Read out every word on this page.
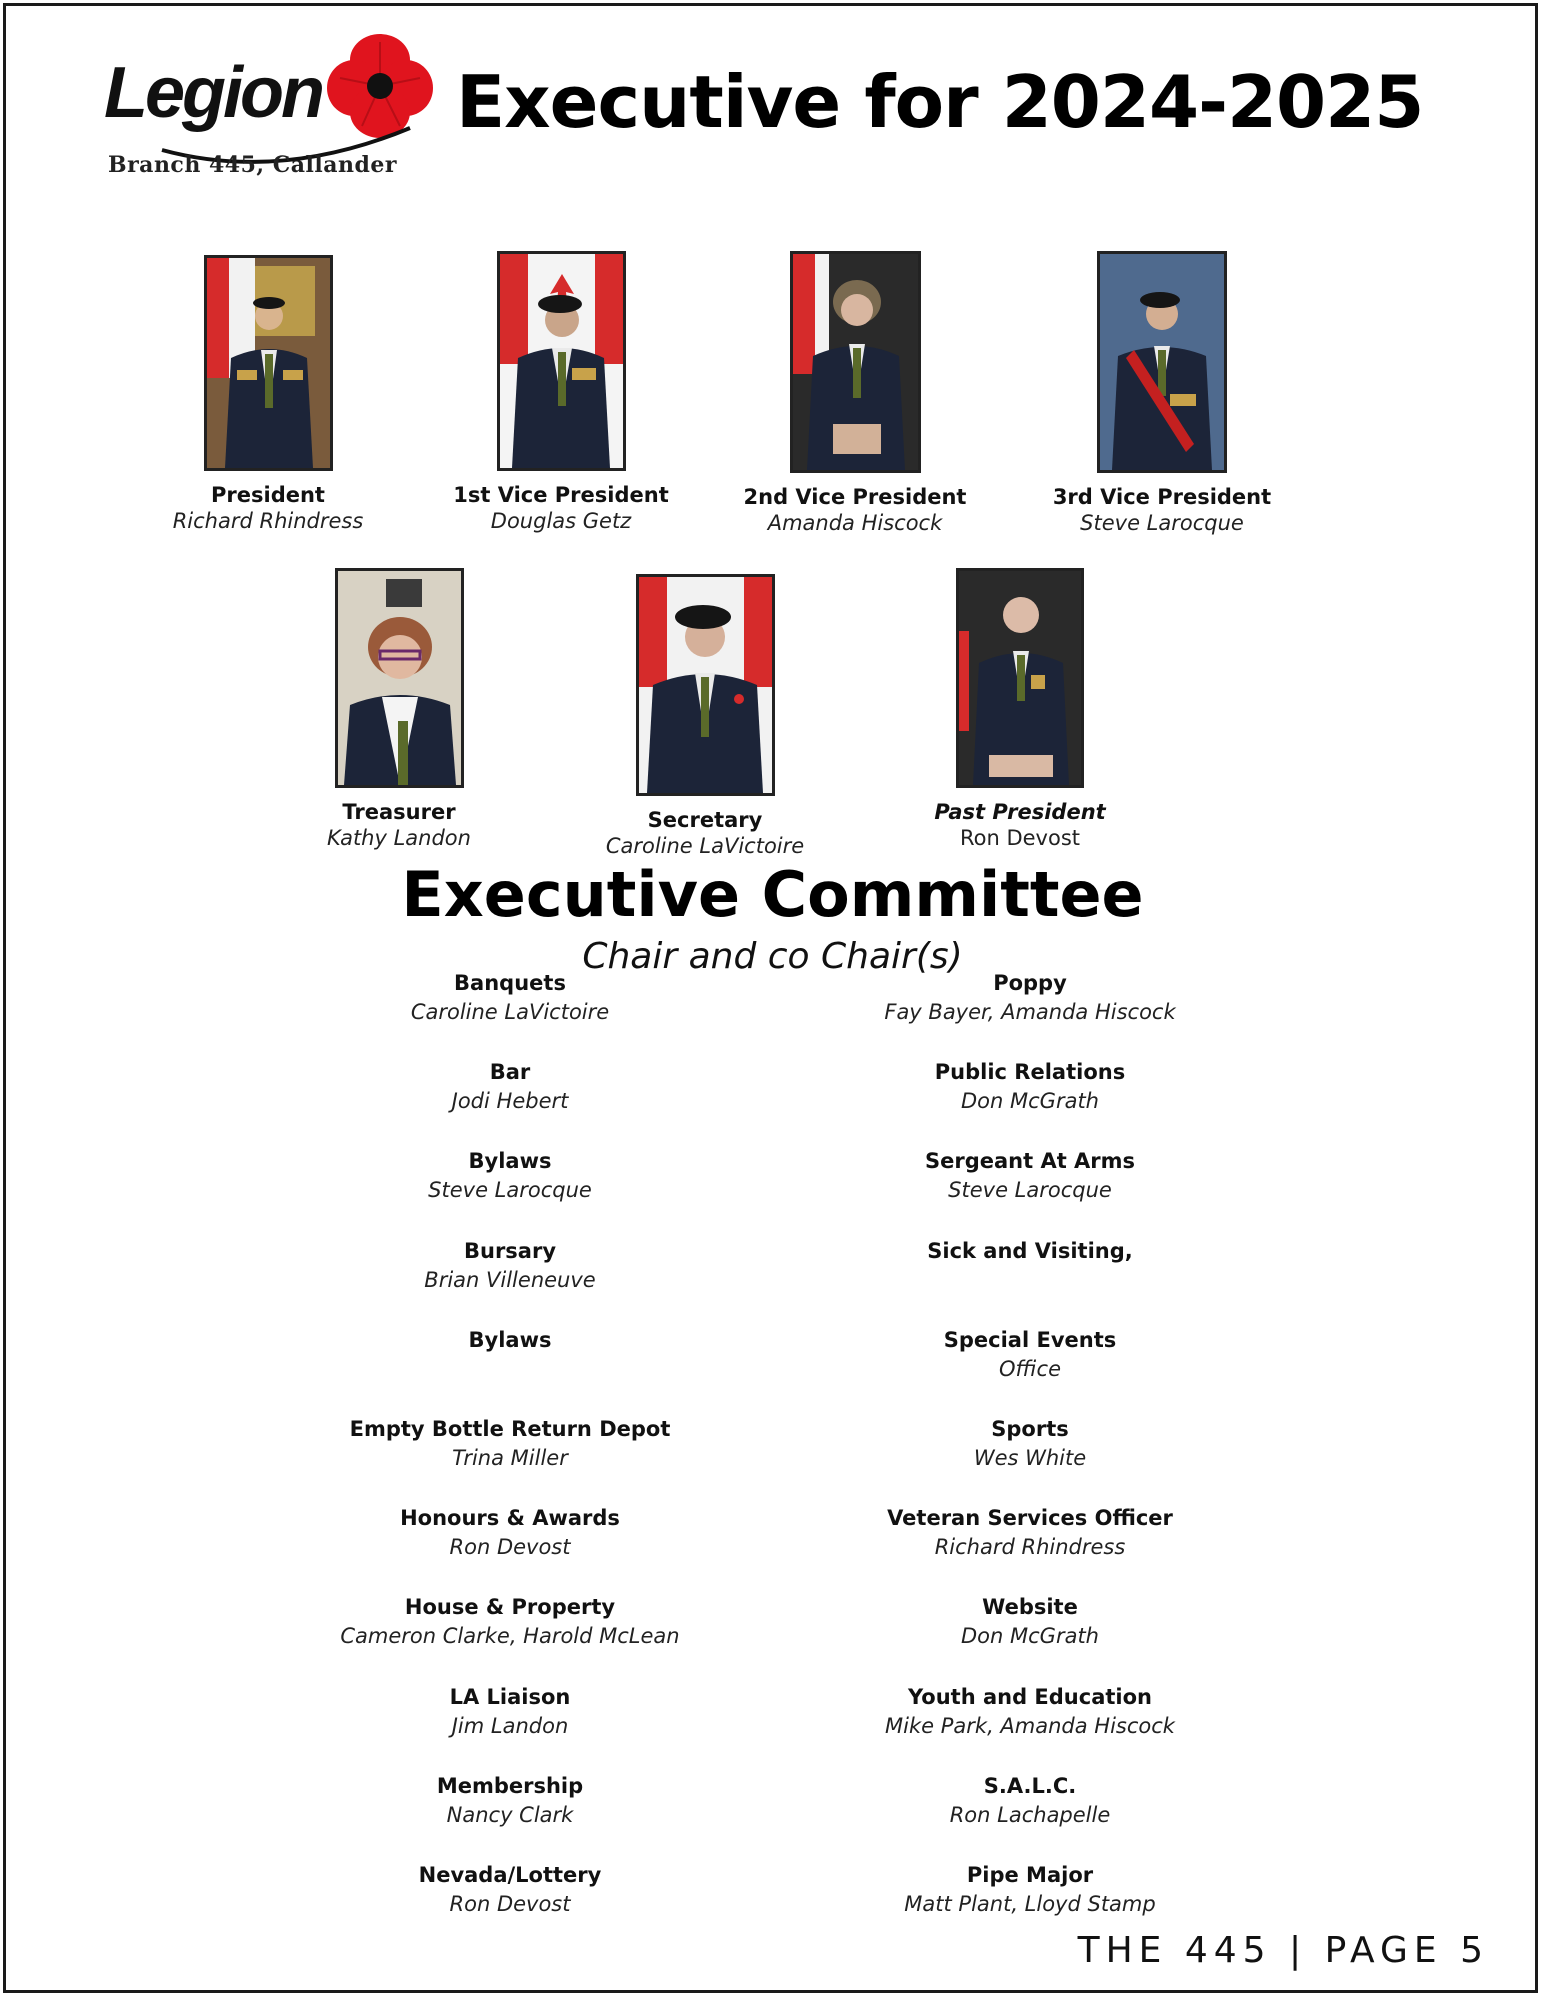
Legion
Branch 445, Callander
Executive for 2024-2025
President
Richard Rhindress
1st Vice President
Douglas Getz
2nd Vice President
Amanda Hiscock
3rd Vice President
Steve Larocque
Treasurer
Kathy Landon
Secretary
Caroline LaVictoire
Past President
Ron Devost
Executive Committee
Chair and co Chair(s)
Banquets
Caroline LaVictoire
Bar
Jodi Hebert
Bylaws
Steve Larocque
Bursary
Brian Villeneuve
Bylaws
Empty Bottle Return Depot
Trina Miller
Honours & Awards
Ron Devost
House & Property
Cameron Clarke, Harold McLean
LA Liaison
Jim Landon
Membership
Nancy Clark
Nevada/Lottery
Ron Devost
Poppy
Fay Bayer, Amanda Hiscock
Public Relations
Don McGrath
Sergeant At Arms
Steve Larocque
Sick and Visiting,
Special Events
Office
Sports
Wes White
Veteran Services Officer
Richard Rhindress
Website
Don McGrath
Youth and Education
Mike Park, Amanda Hiscock
S.A.L.C.
Ron Lachapelle
Pipe Major
Matt Plant, Lloyd Stamp
THE 445 | PAGE 5
